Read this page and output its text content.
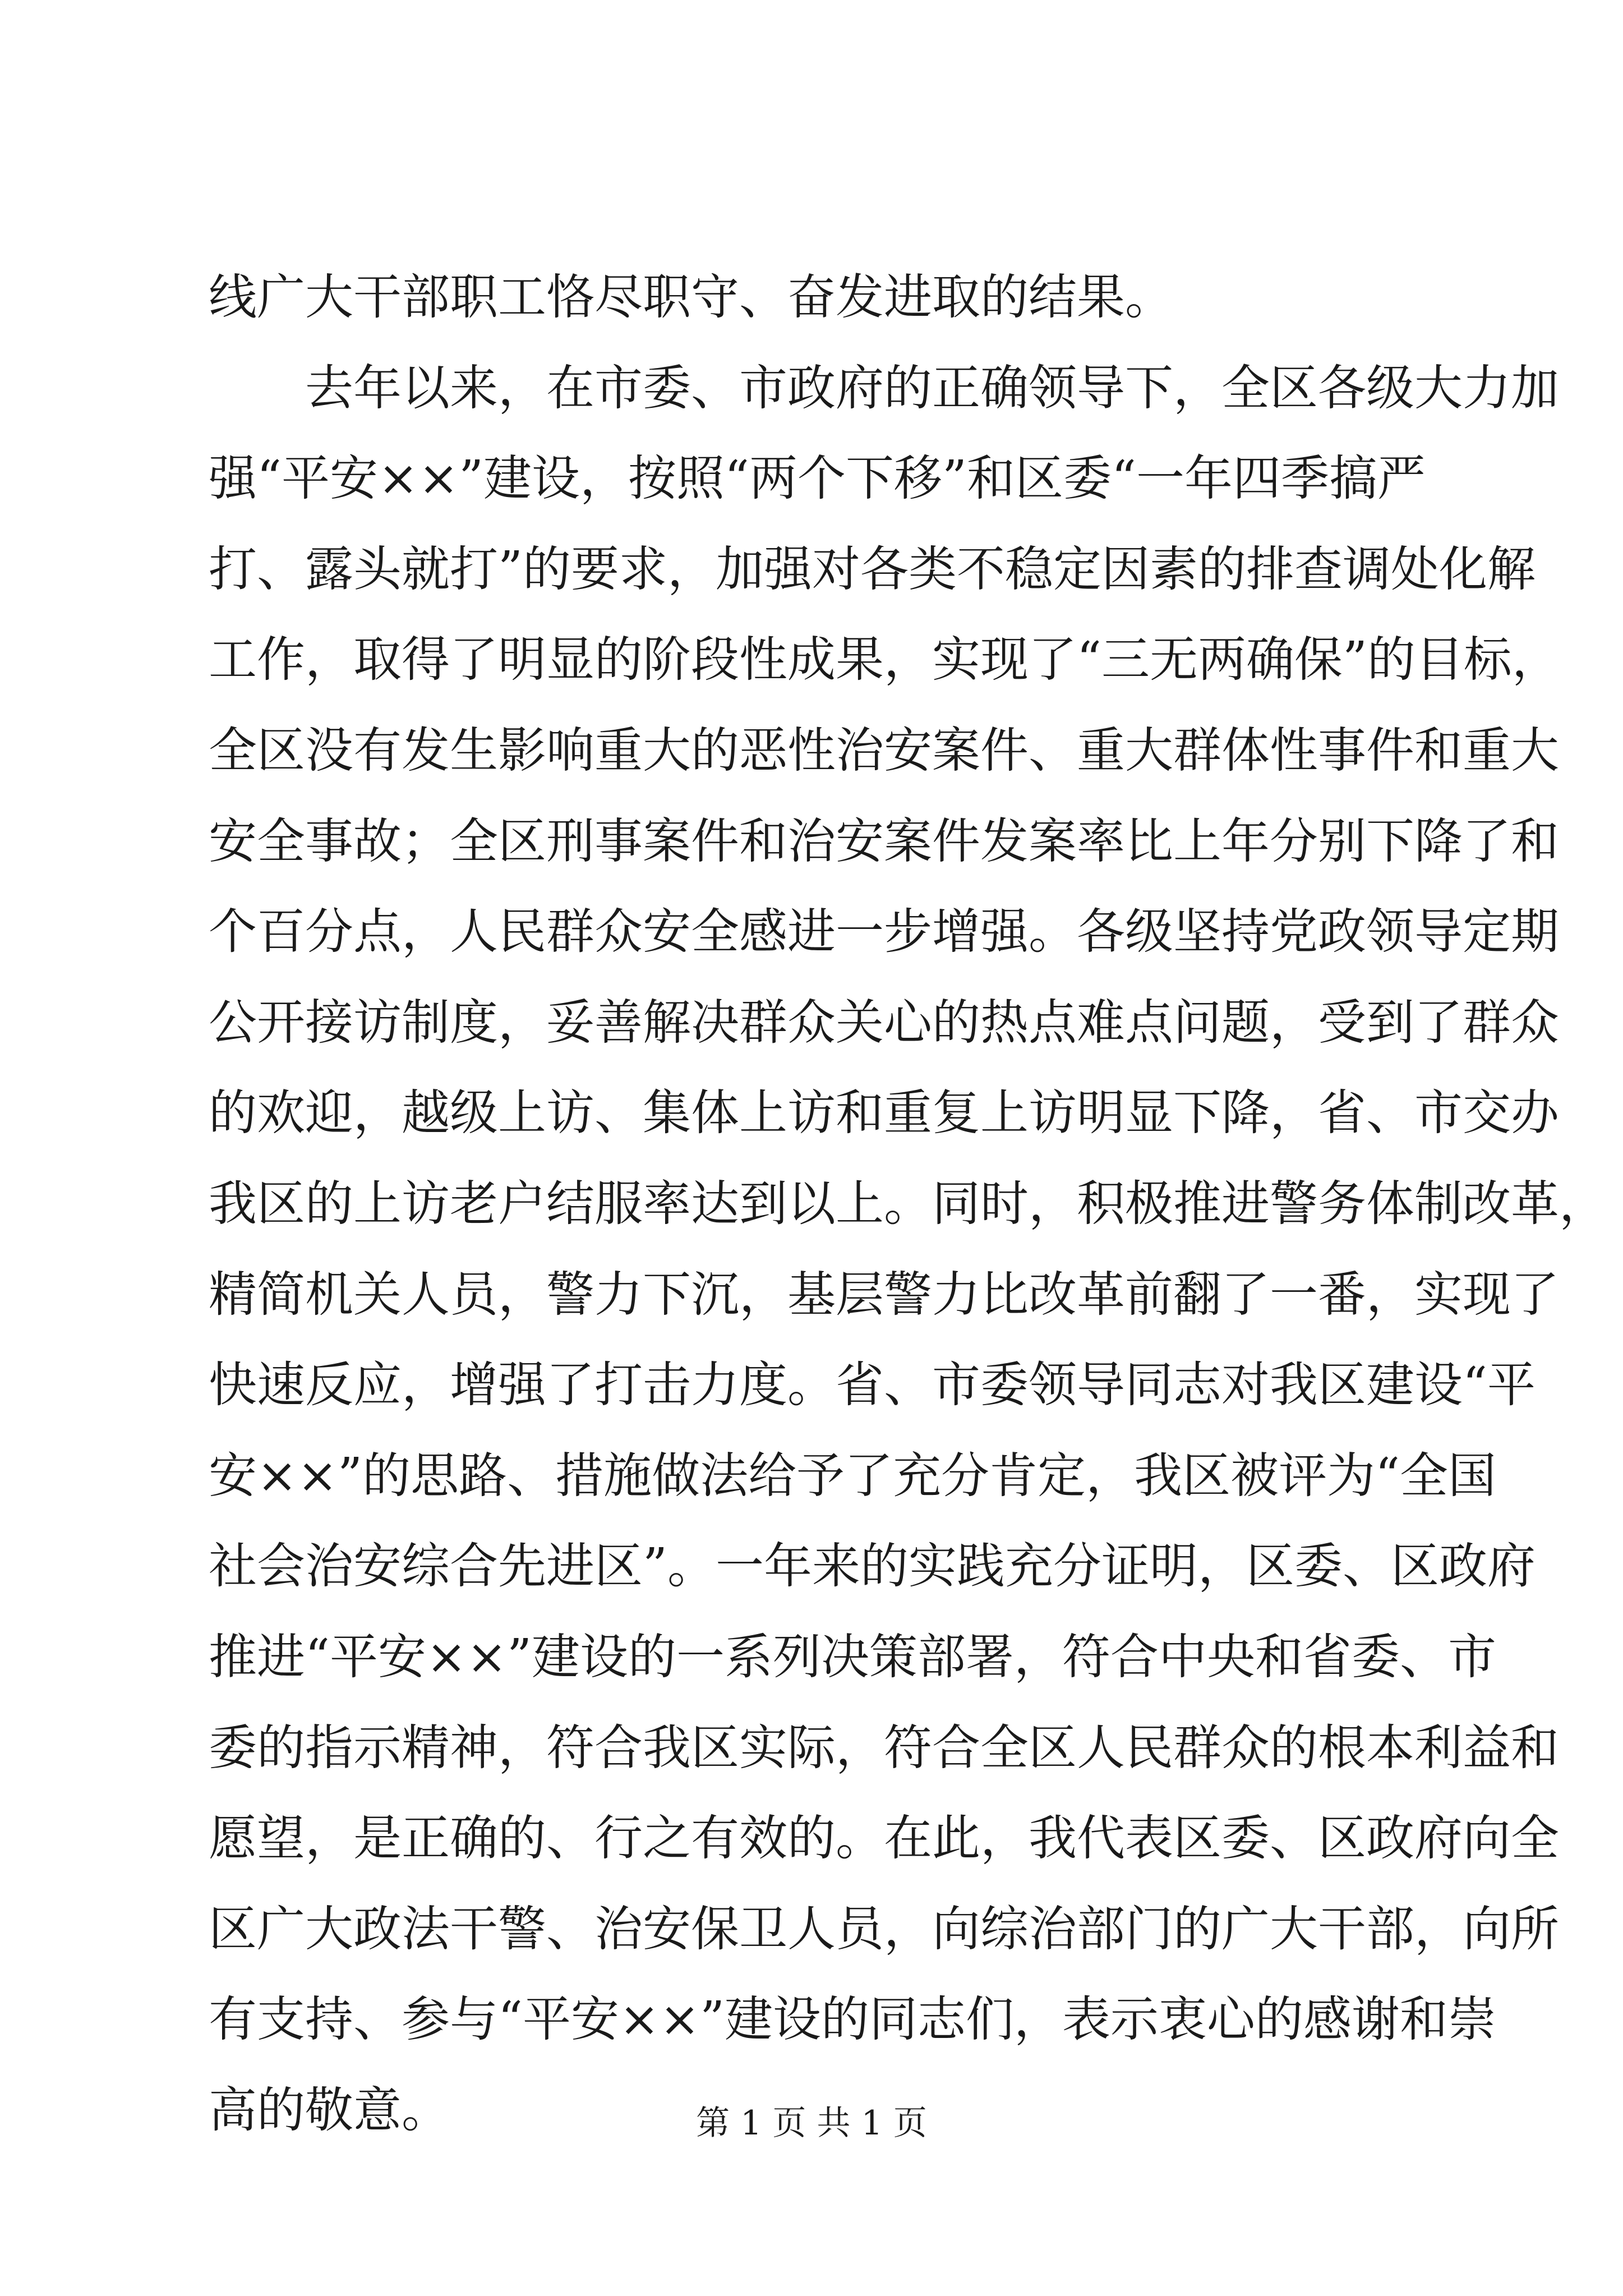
线广大干部职工恪尽职守、奋发进取的结果。
去年以来，在市委、市政府的正确领导下，全区各级大力加
强“平安××”建设，按照“两个下移”和区委“一年四季搞严
打、露头就打”的要求，加强对各类不稳定因素的排查调处化解
工作，取得了明显的阶段性成果，实现了“三无两确保”的目标，
全区没有发生影响重大的恶性治安案件、重大群体性事件和重大
安全事故；全区刑事案件和治安案件发案率比上年分别下降了和
个百分点，人民群众安全感进一步增强。各级坚持党政领导定期
公开接访制度，妥善解决群众关心的热点难点问题，受到了群众
的欢迎，越级上访、集体上访和重复上访明显下降，省、市交办
我区的上访老户结服率达到以上。同时，积极推进警务体制改革，
精简机关人员，警力下沉，基层警力比改革前翻了一番，实现了
快速反应，增强了打击力度。省、市委领导同志对我区建设“平
安××”的思路、措施做法给予了充分肯定，我区被评为“全国
社会治安综合先进区”。一年来的实践充分证明，区委、区政府
推进“平安××”建设的一系列决策部署，符合中央和省委、市
委的指示精神，符合我区实际，符合全区人民群众的根本利益和
愿望，是正确的、行之有效的。在此，我代表区委、区政府向全
区广大政法干警、治安保卫人员，向综治部门的广大干部，向所
有支持、参与“平安××”建设的同志们，表示衷心的感谢和崇
高的敬意。	第 1 页 共 1 页
